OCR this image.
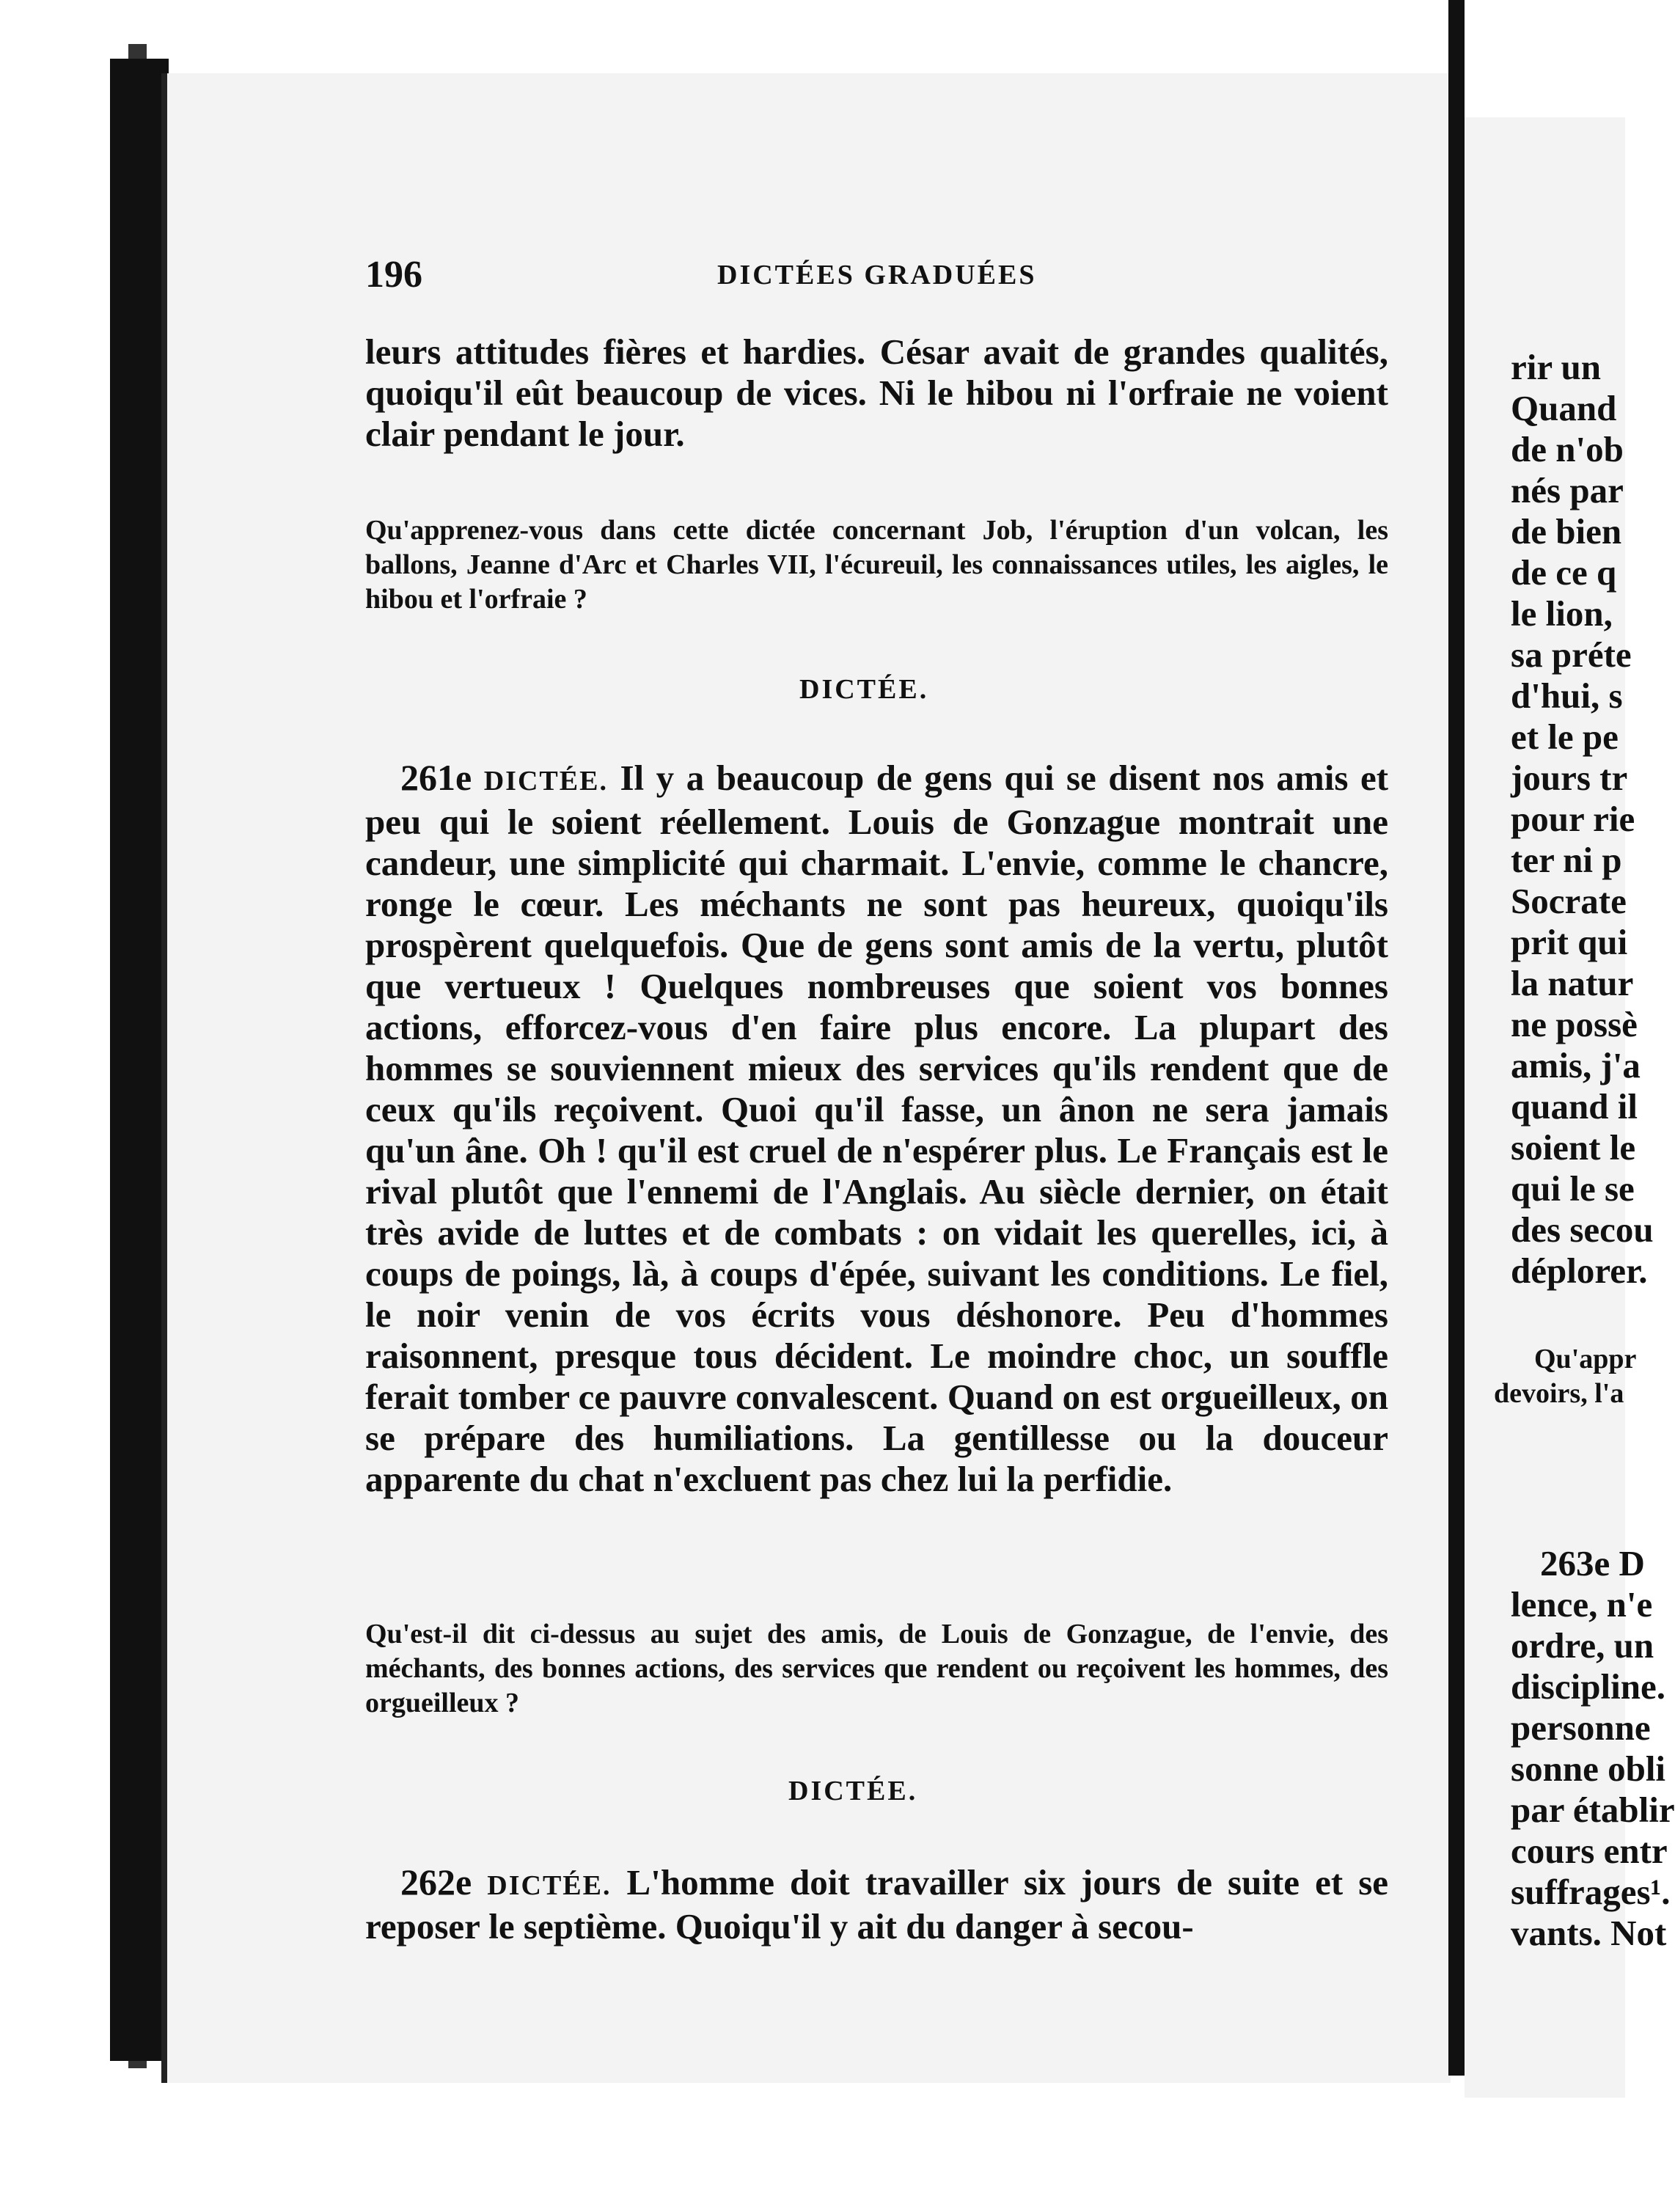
196	DICTÉES GRADUÉES
leurs attitudes fières et hardies. César avait de grandes qualités, quoiqu'il eût beaucoup de vices. Ni le hibou ni l'orfraie ne voient clair pendant le jour.
Qu'apprenez-vous dans cette dictée concernant Job, l'éruption d'un volcan, les ballons, Jeanne d'Arc et Charles VII, l'écureuil, les connaissances utiles, les aigles, le hibou et l'orfraie ?
DICTÉE.
261e DICTÉE. Il y a beaucoup de gens qui se disent nos amis et peu qui le soient réellement. Louis de Gonzague montrait une candeur, une simplicité qui charmait. L'envie, comme le chancre, ronge le cœur. Les méchants ne sont pas heureux, quoiqu'ils prospèrent quelquefois. Que de gens sont amis de la vertu, plutôt que vertueux ! Quelques nombreuses que soient vos bonnes actions, efforcez-vous d'en faire plus encore. La plupart des hommes se souviennent mieux des services qu'ils rendent que de ceux qu'ils reçoivent. Quoi qu'il fasse, un ânon ne sera jamais qu'un âne. Oh ! qu'il est cruel de n'espérer plus. Le Français est le rival plutôt que l'ennemi de l'Anglais. Au siècle dernier, on était très avide de luttes et de combats : on vidait les querelles, ici, à coups de poings, là, à coups d'épée, suivant les conditions. Le fiel, le noir venin de vos écrits vous déshonore. Peu d'hommes raisonnent, presque tous décident. Le moindre choc, un souffle ferait tomber ce pauvre convalescent. Quand on est orgueilleux, on se prépare des humiliations. La gentillesse ou la douceur apparente du chat n'excluent pas chez lui la perfidie.
Qu'est-il dit ci-dessus au sujet des amis, de Louis de Gonzague, de l'envie, des méchants, des bonnes actions, des services que rendent ou reçoivent les hommes, des orgueilleux ?
DICTÉE.
262e DICTÉE. L'homme doit travailler six jours de suite et se reposer le septième. Quoiqu'il y ait du danger à secou-
rir un
Quand
de n'ob
nés par
de bien
de ce q
le lion,
sa préte
d'hui, s
et le pe
jours tr
pour rie
ter ni p
Socrate
prit qui
la natur
ne possè
amis, j'a
quand il
soient le
qui le se
des secou
déplorer.
Qu'appr
devoirs, l'a
263e D
lence, n'e
ordre, un
discipline.
personne
sonne obli
par établir
cours entr
suffrages¹.
vants. Not
